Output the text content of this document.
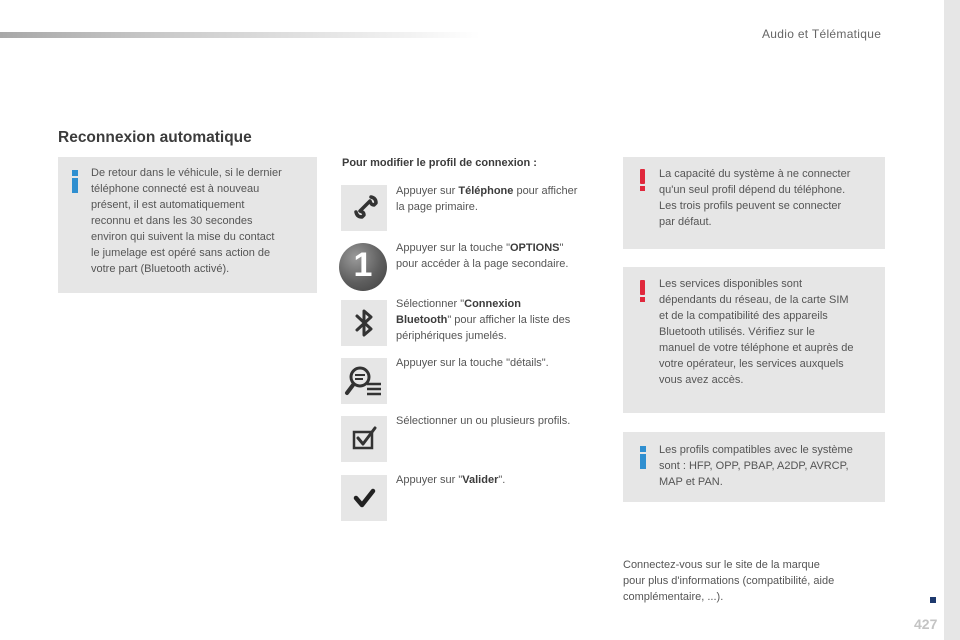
Audio et Télématique
Reconnexion automatique
De retour dans le véhicule, si le dernier
téléphone connecté est à nouveau
présent, il est automatiquement
reconnu et dans les 30 secondes
environ qui suivent la mise du contact
le jumelage est opéré sans action de
votre part (Bluetooth activé).
Pour modifier le profil de connexion :
Appuyer sur Téléphone pour afficher
la page primaire.
1	Appuyer sur la touche "OPTIONS"
pour accéder à la page secondaire.
Sélectionner "Connexion
Bluetooth" pour afficher la liste des
périphériques jumelés.
Appuyer sur la touche "détails".
Sélectionner un ou plusieurs profils.
Appuyer sur "Valider".
La capacité du système à ne connecter
qu'un seul profil dépend du téléphone.
Les trois profils peuvent se connecter
par défaut.
Les services disponibles sont
dépendants du réseau, de la carte SIM
et de la compatibilité des appareils
Bluetooth utilisés. Vérifiez sur le
manuel de votre téléphone et auprès de
votre opérateur, les services auxquels
vous avez accès.
Les profils compatibles avec le système
sont : HFP, OPP, PBAP, A2DP, AVRCP,
MAP et PAN.
Connectez-vous sur le site de la marque
pour plus d'informations (compatibilité, aide
complémentaire, ...).
427
